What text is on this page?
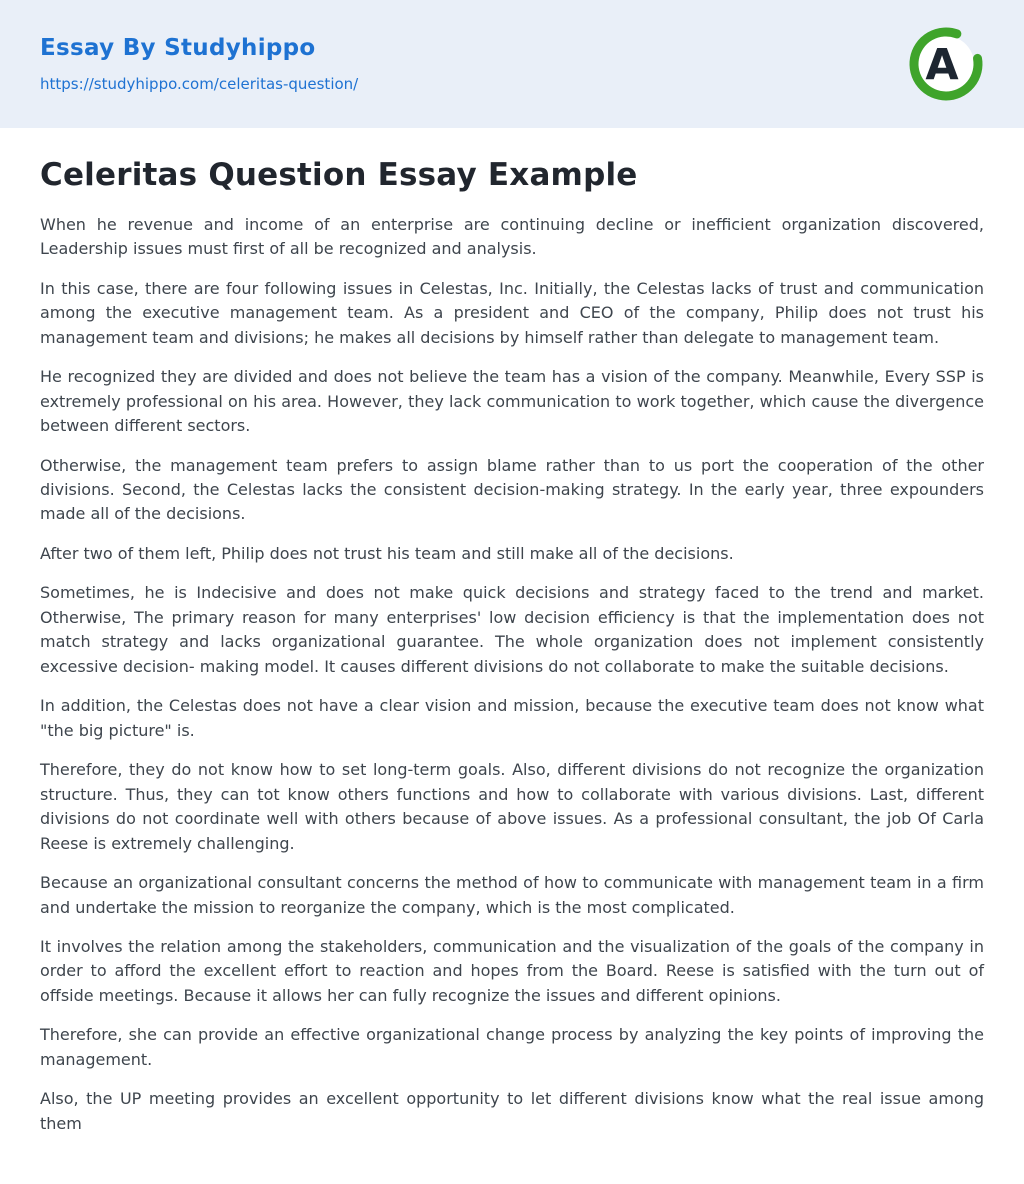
Essay By Studyhippo
https://studyhippo.com/celeritas-question/	A
Celeritas Question Essay Example

When he revenue and income of an enterprise are continuing decline or inefficient organization discovered, Leadership issues must first of all be recognized and analysis.

In this case, there are four following issues in Celestas, Inc. Initially, the Celestas lacks of trust and communication among the executive management team. As a president and CEO of the company, Philip does not trust his management team and divisions; he makes all decisions by himself rather than delegate to management team.

He recognized they are divided and does not believe the team has a vision of the company. Meanwhile, Every SSP is extremely professional on his area. However, they lack communication to work together, which cause the divergence between different sectors.

Otherwise, the management team prefers to assign blame rather than to us port the cooperation of the other divisions. Second, the Celestas lacks the consistent decision-making strategy. In the early year, three expounders made all of the decisions.

After two of them left, Philip does not trust his team and still make all of the decisions.

Sometimes, he is Indecisive and does not make quick decisions and strategy faced to the trend and market. Otherwise, The primary reason for many enterprises' low decision efficiency is that the implementation does not match strategy and lacks organizational guarantee. The whole organization does not implement consistently excessive decision- making model. It causes different divisions do not collaborate to make the suitable decisions.

In addition, the Celestas does not have a clear vision and mission, because the executive team does not know what "the big picture" is.

Therefore, they do not know how to set long-term goals. Also, different divisions do not recognize the organization structure. Thus, they can tot know others functions and how to collaborate with various divisions. Last, different divisions do not coordinate well with others because of above issues. As a professional consultant, the job Of Carla Reese is extremely challenging.

Because an organizational consultant concerns the method of how to communicate with management team in a firm and undertake the mission to reorganize the company, which is the most complicated.

It involves the relation among the stakeholders, communication and the visualization of the goals of the company in order to afford the excellent effort to reaction and hopes from the Board. Reese is satisfied with the turn out of offside meetings. Because it allows her can fully recognize the issues and different opinions.

Therefore, she can provide an effective organizational change process by analyzing the key points of improving the management.

Also, the UP meeting provides an excellent opportunity to let different divisions know what the real issue among them
